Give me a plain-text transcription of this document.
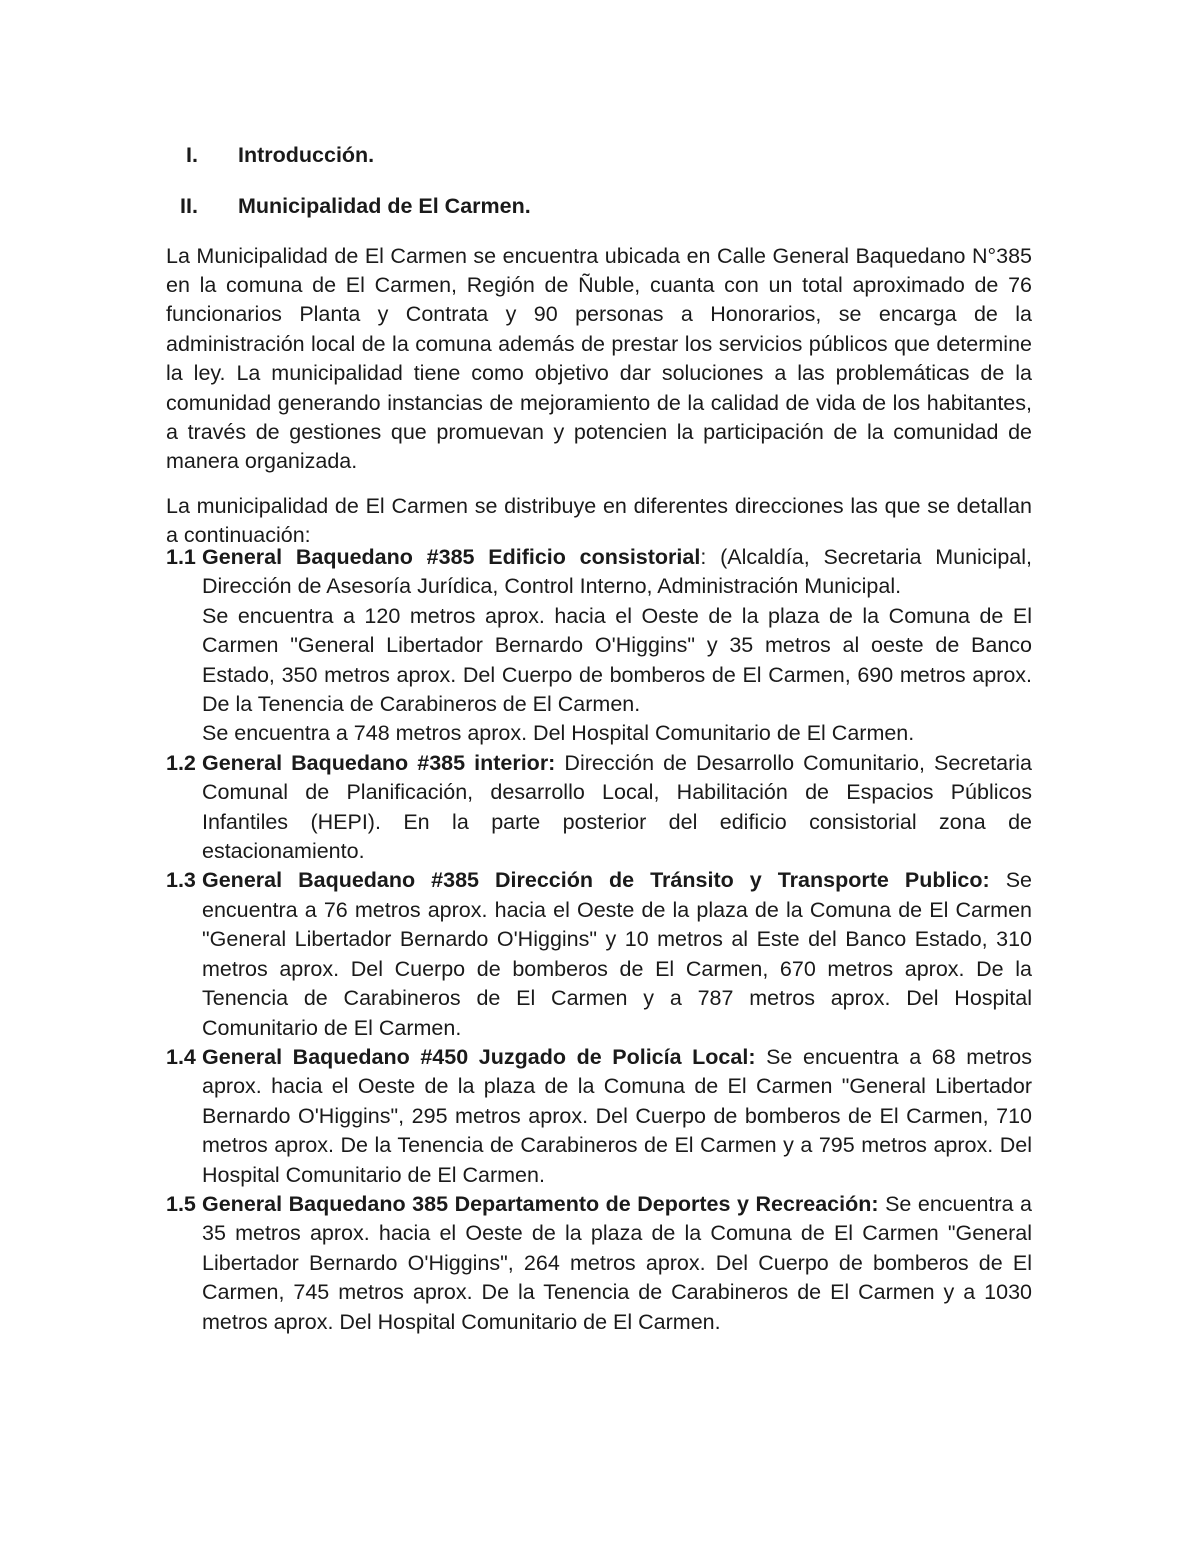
I. Introducción.
II. Municipalidad de El Carmen.

La Municipalidad de El Carmen se encuentra ubicada en Calle General Baquedano N°385 en la comuna de El Carmen, Región de Ñuble, cuanta con un total aproximado de 76 funcionarios Planta y Contrata y 90 personas a Honorarios, se encarga de la administración local de la comuna además de prestar los servicios públicos que determine la ley. La municipalidad tiene como objetivo dar soluciones a las problemáticas de la comunidad generando instancias de mejoramiento de la calidad de vida de los habitantes, a través de gestiones que promuevan y potencien la participación de la comunidad de manera organizada.

La municipalidad de El Carmen se distribuye en diferentes direcciones las que se detallan a continuación:

1.1 General Baquedano #385 Edificio consistorial: (Alcaldía, Secretaria Municipal, Dirección de Asesoría Jurídica, Control Interno, Administración Municipal.
Se encuentra a 120 metros aprox. hacia el Oeste de la plaza de la Comuna de El Carmen "General Libertador Bernardo O'Higgins" y 35 metros al oeste de Banco Estado, 350 metros aprox. Del Cuerpo de bomberos de El Carmen, 690 metros aprox. De la Tenencia de Carabineros de El Carmen.
Se encuentra a 748 metros aprox. Del Hospital Comunitario de El Carmen.
1.2 General Baquedano #385 interior: Dirección de Desarrollo Comunitario, Secretaria Comunal de Planificación, desarrollo Local, Habilitación de Espacios Públicos Infantiles (HEPI). En la parte posterior del edificio consistorial zona de estacionamiento.
1.3 General Baquedano #385 Dirección de Tránsito y Transporte Publico: Se encuentra a 76 metros aprox. hacia el Oeste de la plaza de la Comuna de El Carmen "General Libertador Bernardo O'Higgins" y 10 metros al Este del Banco Estado, 310 metros aprox. Del Cuerpo de bomberos de El Carmen, 670 metros aprox. De la Tenencia de Carabineros de El Carmen y a 787 metros aprox. Del Hospital Comunitario de El Carmen.
1.4 General Baquedano #450 Juzgado de Policía Local: Se encuentra a 68 metros aprox. hacia el Oeste de la plaza de la Comuna de El Carmen "General Libertador Bernardo O'Higgins", 295 metros aprox. Del Cuerpo de bomberos de El Carmen, 710 metros aprox. De la Tenencia de Carabineros de El Carmen y a 795 metros aprox. Del Hospital Comunitario de El Carmen.
1.5 General Baquedano 385 Departamento de Deportes y Recreación: Se encuentra a 35 metros aprox. hacia el Oeste de la plaza de la Comuna de El Carmen "General Libertador Bernardo O'Higgins", 264 metros aprox. Del Cuerpo de bomberos de El Carmen, 745 metros aprox. De la Tenencia de Carabineros de El Carmen y a 1030 metros aprox. Del Hospital Comunitario de El Carmen.
